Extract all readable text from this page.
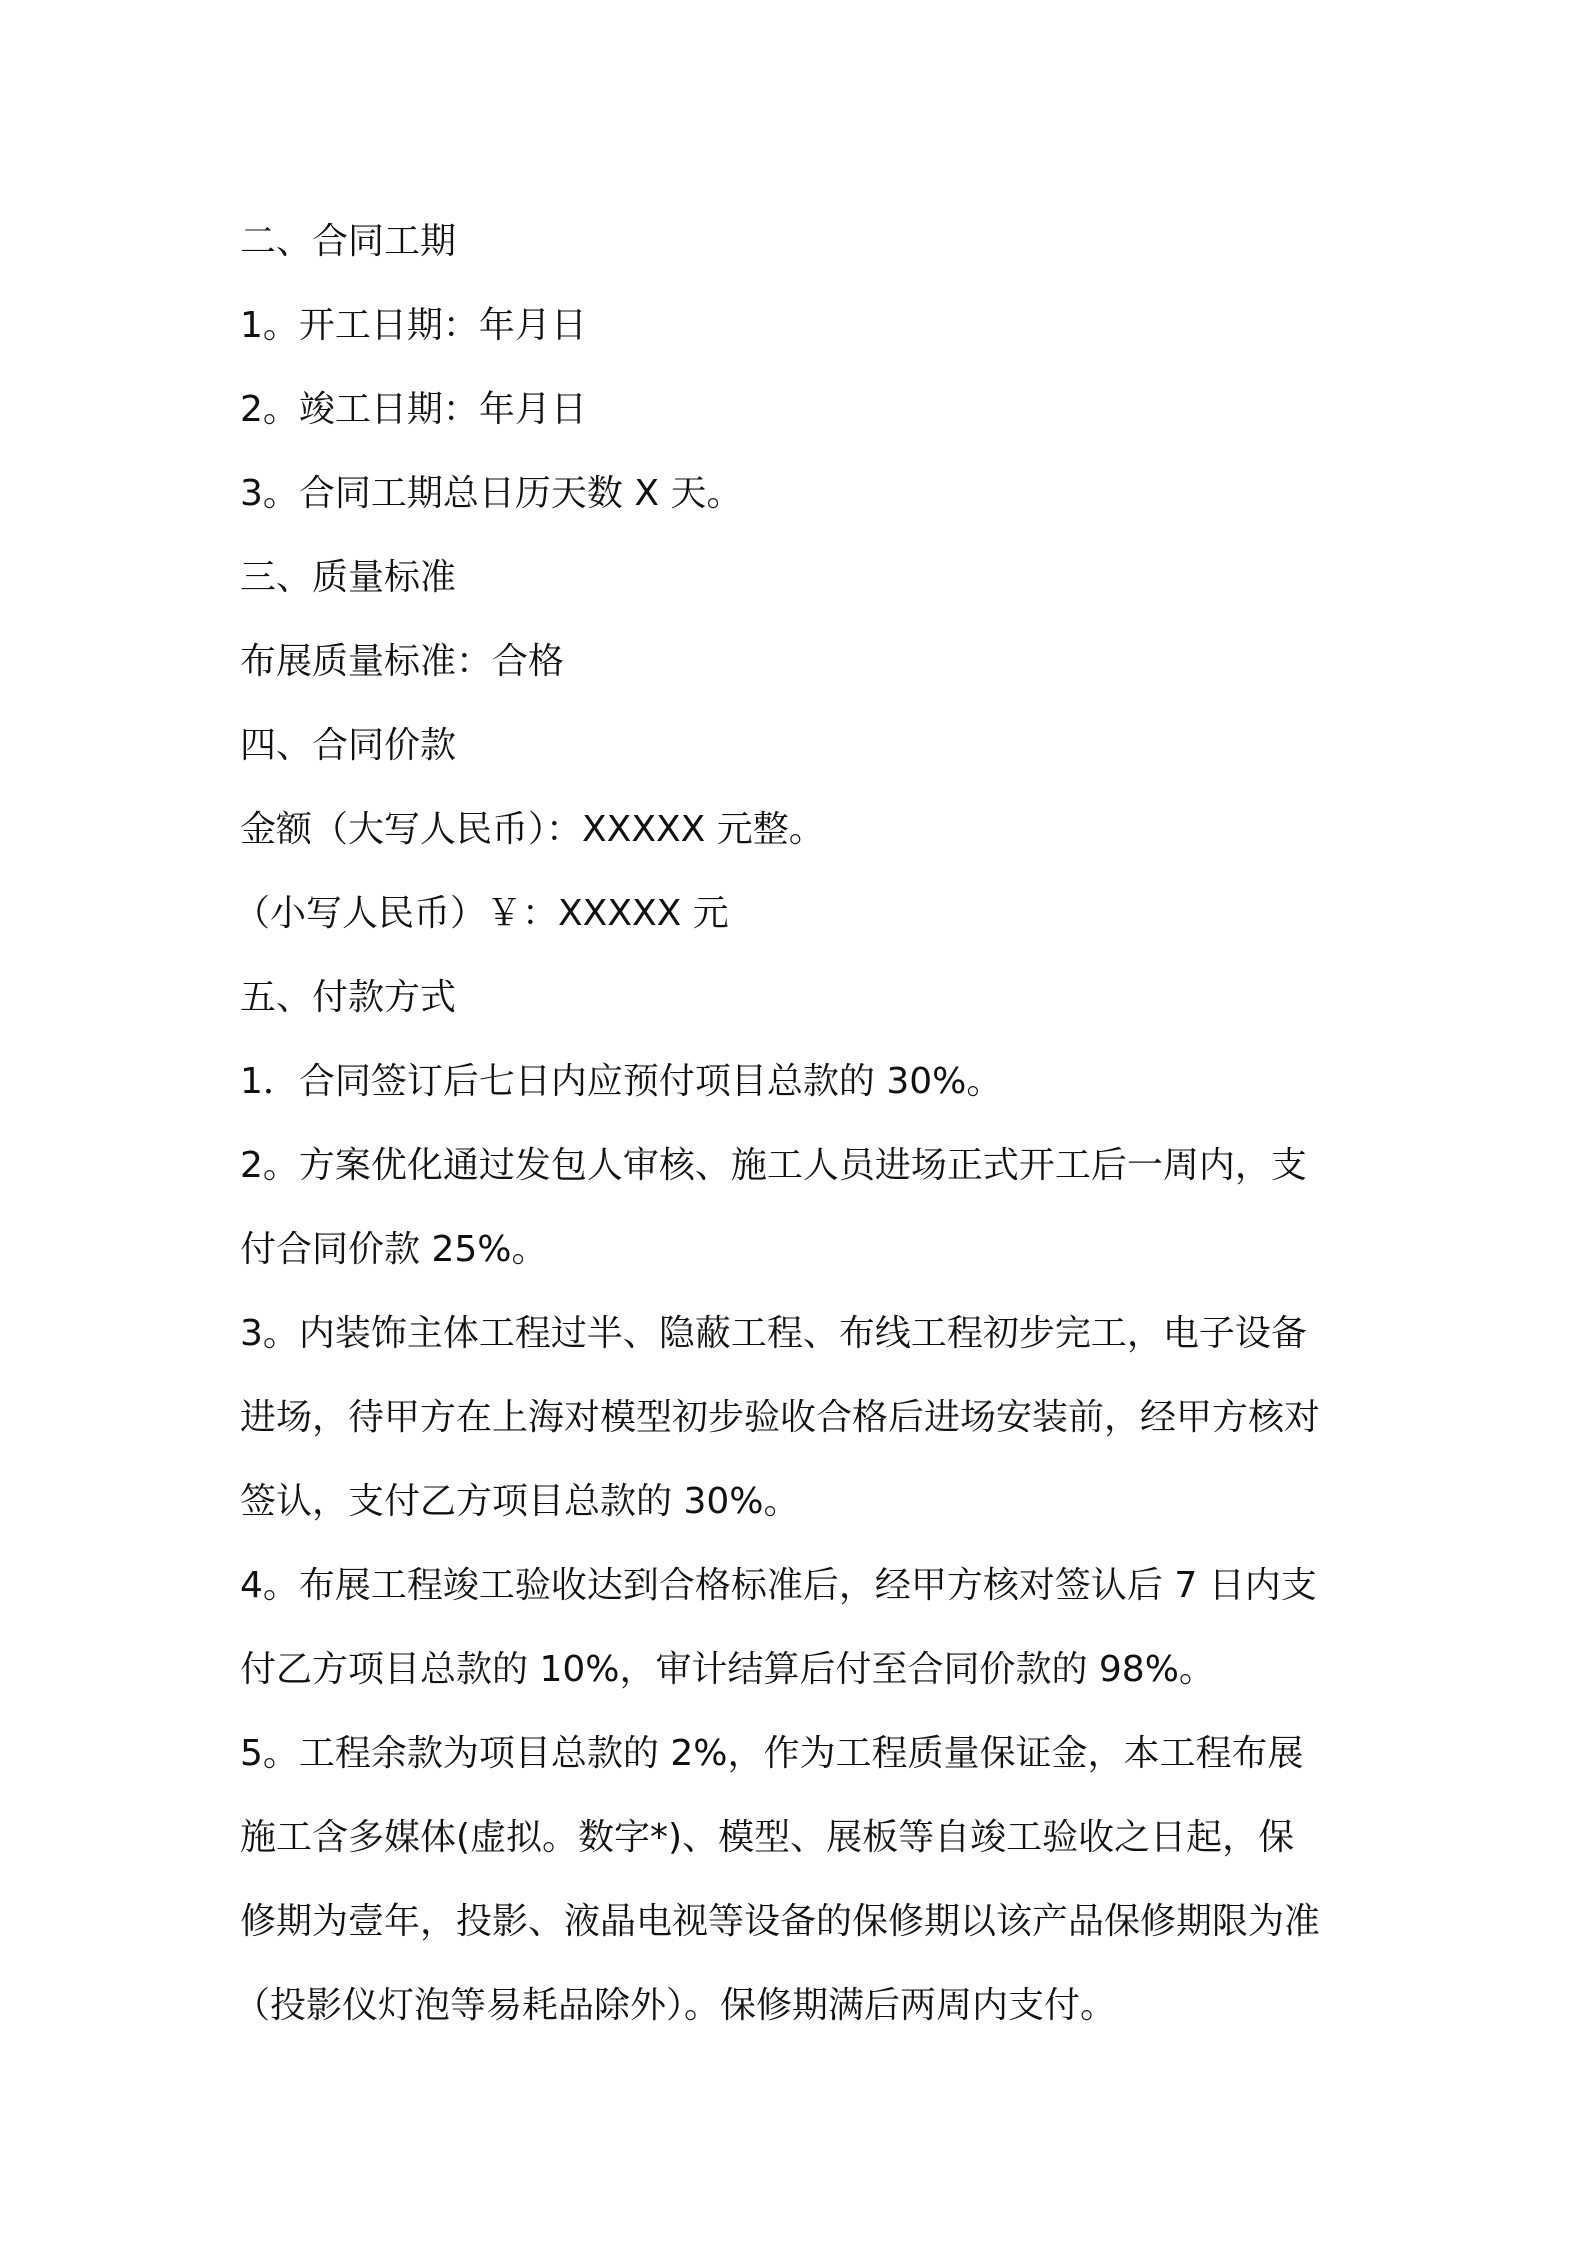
二、合同工期
1。开工日期：年月日
2。竣工日期：年月日
3。合同工期总日历天数 X 天。
三、质量标准
布展质量标准：合格
四、合同价款
金额（大写人民币）：XXXXX 元整。
（小写人民币）￥：XXXXX 元
五、付款方式
1．合同签订后七日内应预付项目总款的 30%。
2。方案优化通过发包人审核、施工人员进场正式开工后一周内，支
付合同价款 25%。
3。内装饰主体工程过半、隐蔽工程、布线工程初步完工，电子设备
进场，待甲方在上海对模型初步验收合格后进场安装前，经甲方核对
签认，支付乙方项目总款的 30%。
4。布展工程竣工验收达到合格标准后，经甲方核对签认后 7 日内支
付乙方项目总款的 10%，审计结算后付至合同价款的 98%。
5。工程余款为项目总款的 2%，作为工程质量保证金，本工程布展
施工含多媒体(虚拟。数字*)、模型、展板等自竣工验收之日起，保
修期为壹年，投影、液晶电视等设备的保修期以该产品保修期限为准
（投影仪灯泡等易耗品除外）。保修期满后两周内支付。
